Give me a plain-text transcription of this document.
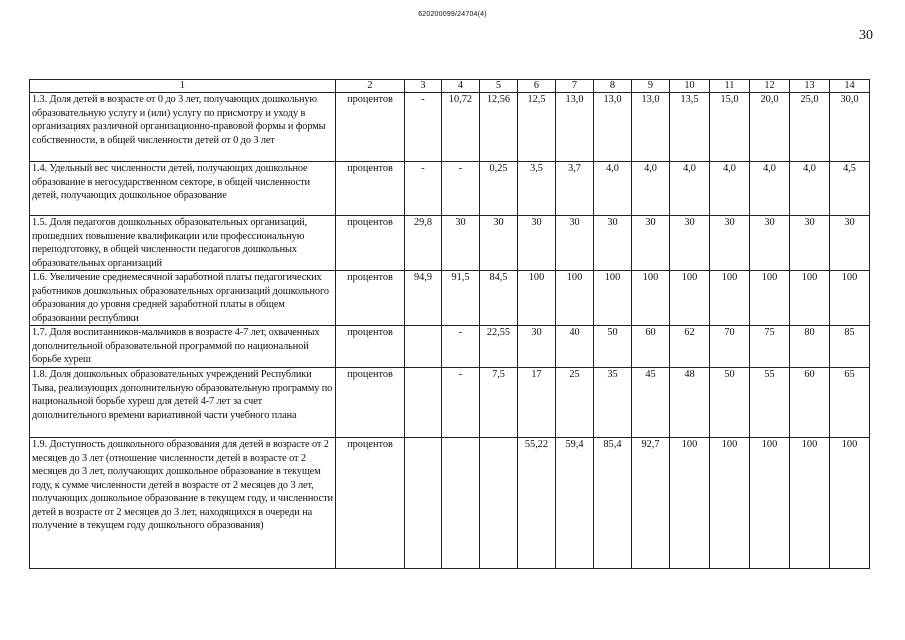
620200099/24704(4)
30
1	2	3	4	5	6	7	8	9	10	11	12	13	14
1.3. Доля детей в возрасте от 0 до 3 лет, получающих дошкольную образовательную услугу и (или) услугу по присмотру и уходу в организациях различной организационно-правовой формы и формы собственности, в общей численности детей от 0 до 3 лет	процентов	-	10,72	12,56	12,5	13,0	13,0	13,0	13,5	15,0	20,0	25,0	30,0
1.4. Удельный вес численности детей, получающих дошкольное образование в негосударственном секторе, в общей численности детей, получающих дошкольное образование	процентов	-	-	0,25	3,5	3,7	4,0	4,0	4,0	4,0	4,0	4,0	4,5
1.5. Доля педагогов дошкольных образовательных организаций, прошедших повышение квалификации или профессиональную переподготовку, в общей численности педагогов дошкольных образовательных организаций	процентов	29,8	30	30	30	30	30	30	30	30	30	30	30
1.6. Увеличение среднемесячной заработной платы педагогических работников дошкольных образовательных организаций дошкольного образования до уровня средней заработной платы в общем образовании республики	процентов	94,9	91,5	84,5	100	100	100	100	100	100	100	100	100
1.7. Доля воспитанников-мальчиков в возрасте 4-7 лет, охваченных дополнительной образовательной программой по национальной борьбе хуреш	процентов		-	22,55	30	40	50	60	62	70	75	80	85
1.8. Доля дошкольных образовательных учреждений Республики Тыва, реализующих дополнительную образовательную программу по национальной борьбе хуреш для детей 4-7 лет за счет дополнительного времени вариативной части учебного плана	процентов		-	7,5	17	25	35	45	48	50	55	60	65
1.9. Доступность дошкольного образования для детей в возрасте от 2 месяцев до 3 лет (отношение численности детей в возрасте от 2 месяцев до 3 лет, получающих дошкольное образование в текущем году, к сумме численности детей в возрасте от 2 месяцев до 3 лет, получающих дошкольное образование в текущем году, и численности детей в возрасте от 2 месяцев до 3 лет, находящихся в очереди на получение в текущем году дошкольного образования)	процентов				55,22	59,4	85,4	92,7	100	100	100	100	100
